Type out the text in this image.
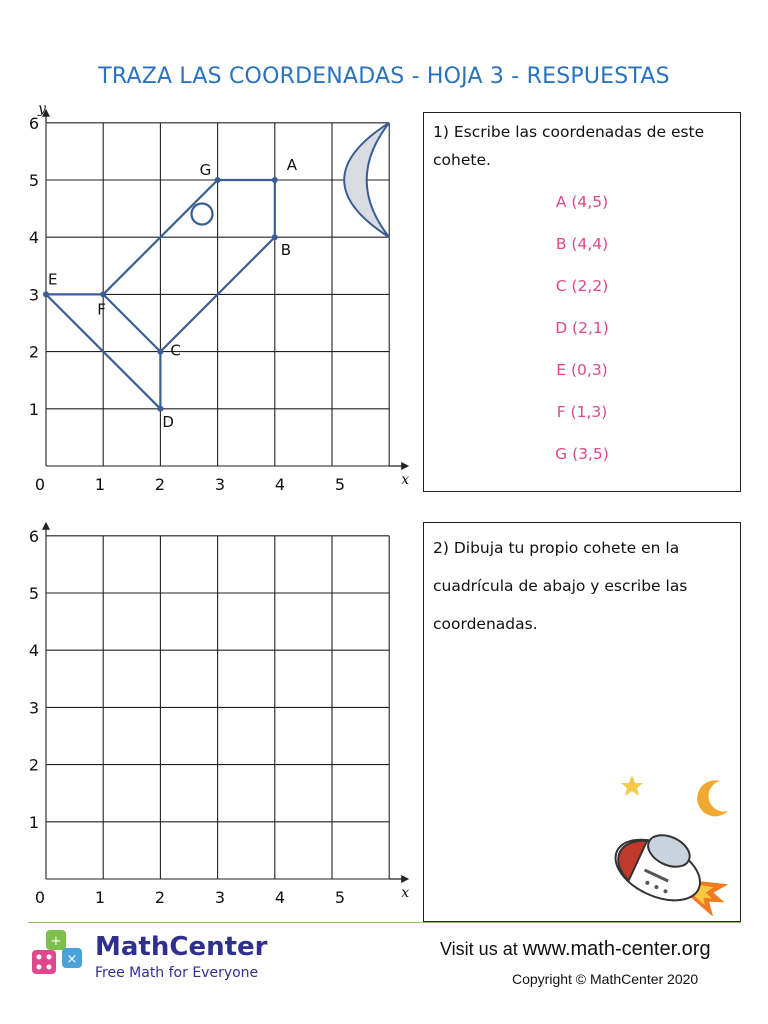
TRAZA LAS COORDENADAS - HOJA 3 - RESPUESTAS
0	1	2	3	4	5
1
2
3
4
5
6
x
y
A
B
C
D
E
F
G
0	1	2	3	4	5
1
2
3
4
5
6
x
1) Escribe las coordenadas de este cohete.
A (4,5)
B (4,4)
C (2,2)
D (2,1)
E (0,3)
F (1,3)
G (3,5)
2) Dibuja tu propio cohete en la cuadrícula de abajo y escribe las coordenadas.
+
× MathCenter
Free Math for Everyone
Visit us at www.math-center.org
Copyright © MathCenter 2020
